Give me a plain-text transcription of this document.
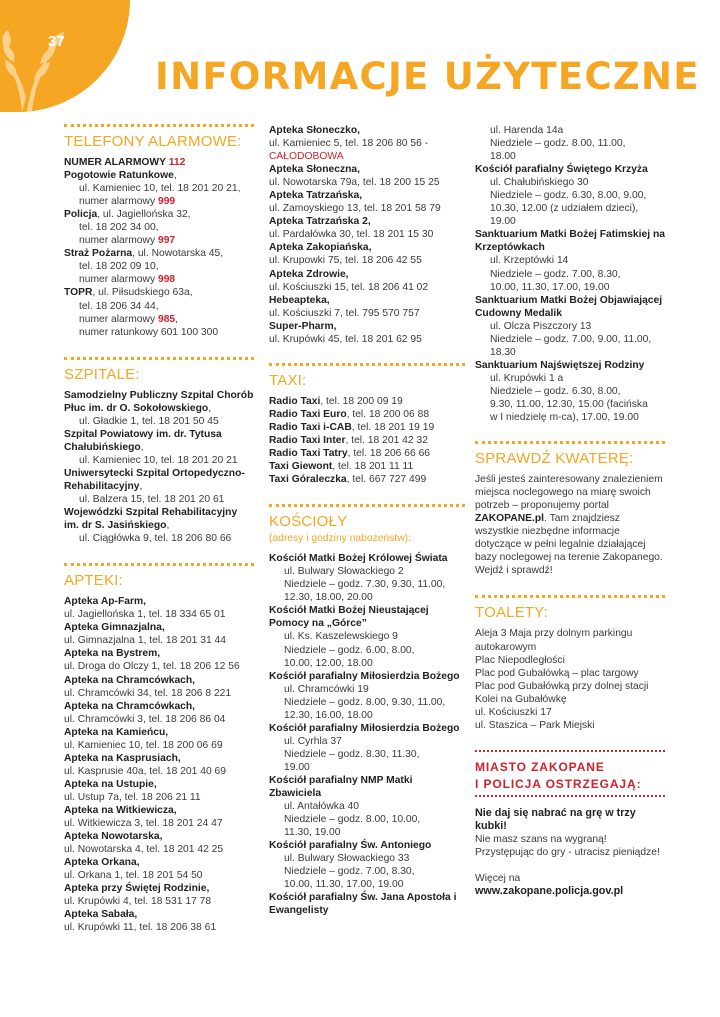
37
INFORMACJE UŻYTECZNE
TELEFONY ALARMOWE:

NUMER ALARMOWY 112

Pogotowie Ratunkowe,

ul. Kamieniec 10, tel. 18 201 20 21,

numer alarmowy 999

Policja, ul. Jagiellońska 32,

tel. 18 202 34 00,

numer alarmowy 997

Straż Pożarna, ul. Nowotarska 45,

tel. 18 202 09 10,

numer alarmowy 998

TOPR, ul. Piłsudskiego 63a,

tel. 18 206 34 44,

numer alarmowy 985,

numer ratunkowy 601 100 300

SZPITALE:

Samodzielny Publiczny Szpital Chorób Płuc im. dr O. Sokołowskiego,

ul. Gładkie 1, tel. 18 201 50 45

Szpital Powiatowy im. dr. Tytusa Chałubińskiego,

ul. Kamieniec 10, tel. 18 201 20 21

Uniwersytecki Szpital Ortopedyczno-Rehabilitacyjny,

ul. Balzera 15, tel. 18 201 20 61

Wojewódzki Szpital Rehabilitacyjny im. dr S. Jasińskiego,

ul. Ciągłówka 9, tel. 18 206 80 66

APTEKI:

Apteka Ap-Farm,

ul. Jagiellońska 1, tel. 18 334 65 01

Apteka Gimnazjalna,

ul. Gimnazjalna 1, tel. 18 201 31 44

Apteka na Bystrem,

ul. Droga do Olczy 1, tel. 18 206 12 56

Apteka na Chramcówkach,

ul. Chramcówki 34, tel. 18 206 8 221

Apteka na Chramcówkach,

ul. Chramcówki 3, tel. 18 206 86 04

Apteka na Kamieńcu,

ul. Kamieniec 10, tel. 18 200 06 69

Apteka na Kasprusiach,

ul. Kasprusie 40a, tel. 18 201 40 69

Apteka na Ustupie,

ul. Ustup 7a, tel. 18 206 21 11

Apteka na Witkiewicza,

ul. Witkiewicza 3, tel. 18 201 24 47

Apteka Nowotarska,

ul. Nowotarska 4, tel. 18 201 42 25

Apteka Orkana,

ul. Orkana 1, tel. 18 201 54 50

Apteka przy Świętej Rodzinie,

ul. Krupówki 4, tel. 18 531 17 78

Apteka Sabała,

ul. Krupówki 11, tel. 18 206 38 61

Apteka Słoneczko,

ul. Kamieniec 5, tel. 18 206 80 56 -

CAŁODOBOWA

Apteka Słoneczna,

ul. Nowotarska 79a, tel. 18 200 15 25

Apteka Tatrzańska,

ul. Zamoyskiego 13, tel. 18 201 58 79

Apteka Tatrzańska 2,

ul. Pardałówka 30, tel. 18 201 15 30

Apteka Zakopiańska,

ul. Krupowki 75, tel. 18 206 42 55

Apteka Zdrowie,

ul. Kościuszki 15, tel. 18 206 41 02

Hebeapteka,

ul. Kościuszki 7, tel. 795 570 757

Super-Pharm,

ul. Krupówki 45, tel. 18 201 62 95

TAXI:

Radio Taxi, tel. 18 200 09 19

Radio Taxi Euro, tel. 18 200 06 88

Radio Taxi i-CAB, tel. 18 201 19 19

Radio Taxi Inter, tel. 18 201 42 32

Radio Taxi Tatry, tel. 18 206 66 66

Taxi Giewont, tel. 18 201 11 11

Taxi Góraleczka, tel. 667 727 499

KOŚCIOŁY
(adresy i godziny nabożeństw):

Kościół Matki Bożej Królowej Świata

ul. Bulwary Słowackiego 2

Niedziele – godz. 7.30, 9.30, 11.00,

12.30, 18.00, 20.00

Kościół Matki Bożej Nieustającej Pomocy na „Górce”

ul. Ks. Kaszelewskiego 9

Niedziele – godz. 6.00, 8.00,

10.00, 12.00, 18.00

Kościół parafialny Miłosierdzia Bożego

ul. Chramcówki 19

Niedziele – godz. 8.00, 9.30, 11.00,

12.30, 16.00, 18.00

Kościół parafialny Miłosierdzia Bożego

ul. Cyrhla 37

Niedziele – godz. 8.30, 11.30,

19.00

Kościół parafialny NMP Matki Zbawiciela

ul. Antałówka 40

Niedziele – godz. 8.00, 10.00,

11.30, 19.00

Kościół parafialny Św. Antoniego

ul. Bulwary Słowackiego 33

Niedziele – godz. 7.00, 8.30,

10.00, 11.30, 17.00, 19.00

Kościół parafialny Św. Jana Apostoła i Ewangelisty

ul. Harenda 14a

Niedziele – godz. 8.00, 11.00,

18.00

Kościół parafialny Świętego Krzyża

ul. Chałubińskiego 30

Niedziele – godz. 6.30, 8.00, 9.00,

10.30, 12.00 (z udziałem dzieci),

19.00

Sanktuarium Matki Bożej Fatimskiej na Krzeptówkach

ul. Krzeptówki 14

Niedziele – godz. 7.00, 8.30,

10.00, 11.30, 17.00, 19.00

Sanktuarium Matki Bożej Objawiającej Cudowny Medalik

ul. Olcza Piszczory 13

Niedziele – godz. 7.00, 9.00, 11.00,

18.30

Sanktuarium Najświętszej Rodziny

ul. Krupówki 1 a

Niedziele – godz. 6.30, 8.00,

9.30, 11.00, 12.30, 15.00 (facińska

w I niedzielę m-ca), 17.00, 19.00

SPRAWDŹ KWATERĘ:

Jeśli jesteś zainteresowany znalezieniem miejsca noclegowego na miarę swoich potrzeb – proponujemy portal ZAKOPANE.pl. Tam znajdziesz wszystkie niezbędne informacje dotyczące w pełni legalnie działającej bazy noclegowej na terenie Zakopanego. Wejdź i sprawdź!

TOALETY:

Aleja 3 Maja przy dolnym parkingu autokarowym

Plac Niepodległości

Plac pod Gubałówką – plac targowy

Plac pod Gubałówką przy dolnej stacji Kolei na Gubałówkę

ul. Kościuszki 17

ul. Staszica – Park Miejski

MIASTO ZAKOPANE
I POLICJA OSTRZEGAJĄ:

Nie daj się nabrać na grę w trzy kubki!

Nie masz szans na wygraną! Przystępując do gry - utracisz pieniądze!

Więcej na

www.zakopane.policja.gov.pl
